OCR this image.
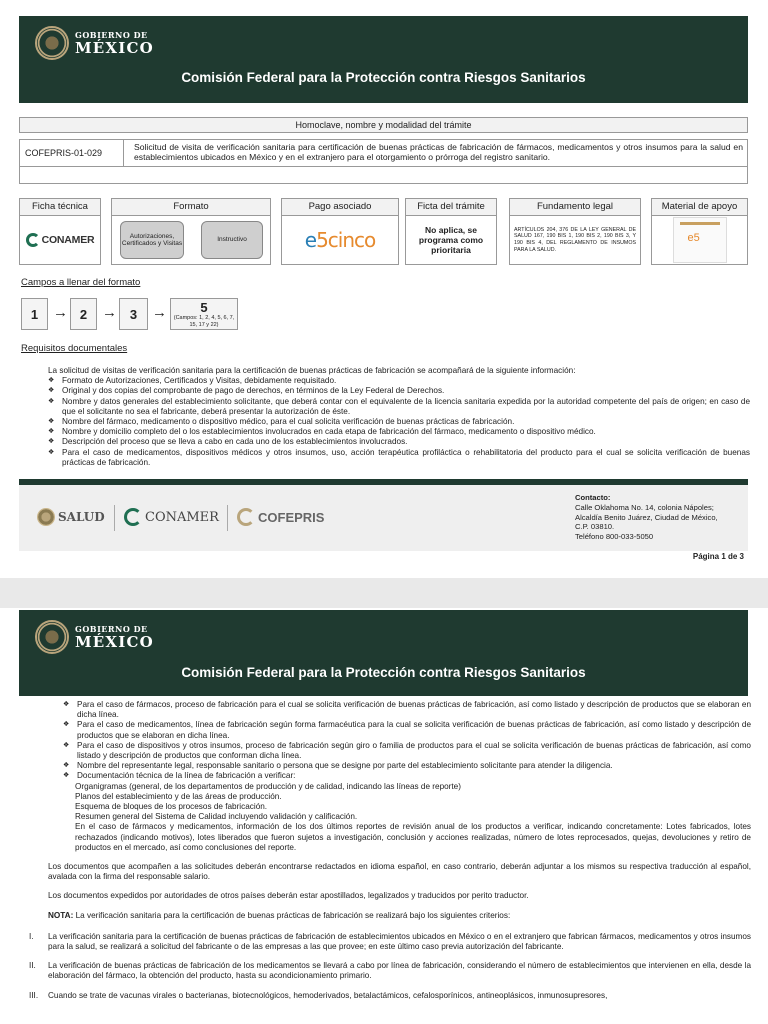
GOBIERNO DE
MÉXICO
Comisión Federal para la Protección contra Riesgos Sanitarios
Homoclave, nombre y modalidad del trámite
COFEPRIS-01-029
Solicitud de visita de verificación sanitaria para certificación de buenas prácticas de fabricación de fármacos, medicamentos y otros insumos para la salud en establecimientos ubicados en México y en el extranjero para el otorgamiento o prórroga del registro sanitario.
Ficha técnica
CONAMER
Formato
Autorizaciones, Certificados y Visitas
Instructivo
Pago asociado
e5cinco
Ficta del trámite
No aplica, se programa como prioritaria
Fundamento legal
ARTÍCULOS 204, 376 DE LA LEY GENERAL DE SALUD 167, 190 BIS 1, 190 BIS 2, 190 BIS 3, Y 190 BIS 4, DEL REGLAMENTO DE INSUMOS PARA LA SALUD.
Material de apoyo
e5
Campos a llenar del formato
1 → 2 → 3 →	5
(Campos: 1, 2, 4, 5, 6, 7, 15, 17 y 22)
Requisitos documentales
La solicitud de visitas de verificación sanitaria para la certificación de buenas prácticas de fabricación se acompañará de la siguiente información:
❖ Formato de Autorizaciones, Certificados y Visitas, debidamente requisitado.
❖ Original y dos copias del comprobante de pago de derechos, en términos de la Ley Federal de Derechos.
❖ Nombre y datos generales del establecimiento solicitante, que deberá contar con el equivalente de la licencia sanitaria expedida por la autoridad competente del país de origen; en caso de que el solicitante no sea el fabricante, deberá presentar la autorización de éste.
❖ Nombre del fármaco, medicamento o dispositivo médico, para el cual solicita verificación de buenas prácticas de fabricación.
❖ Nombre y domicilio completo del o los establecimientos involucrados en cada etapa de fabricación del fármaco, medicamento o dispositivo médico.
❖ Descripción del proceso que se lleva a cabo en cada uno de los establecimientos involucrados.
❖ Para el caso de medicamentos, dispositivos médicos y otros insumos, uso, acción terapéutica profiláctica o rehabilitatoria del producto para el cual se solicita verificación de buenas prácticas de fabricación.
SALUD	CONAMER	COFEPRIS
Contacto:
Calle Oklahoma No. 14, colonia Nápoles;
Alcaldía Benito Juárez, Ciudad de México,
C.P. 03810.
Teléfono 800-033-5050
Página 1 de 3
GOBIERNO DE
MÉXICO
Comisión Federal para la Protección contra Riesgos Sanitarios
❖ Para el caso de fármacos, proceso de fabricación para el cual se solicita verificación de buenas prácticas de fabricación, así como listado y descripción de productos que se elaboran en dicha línea.
❖ Para el caso de medicamentos, línea de fabricación según forma farmacéutica para la cual se solicita verificación de buenas prácticas de fabricación, así como listado y descripción de productos que se elaboran en dicha línea.
❖ Para el caso de dispositivos y otros insumos, proceso de fabricación según giro o familia de productos para el cual se solicita verificación de buenas prácticas de fabricación, así como listado y descripción de productos que conforman dicha línea.
❖ Nombre del representante legal, responsable sanitario o persona que se designe por parte del establecimiento solicitante para atender la diligencia.
❖ Documentación técnica de la línea de fabricación a verificar:
Organigramas (general, de los departamentos de producción y de calidad, indicando las líneas de reporte)
Planos del establecimiento y de las áreas de producción.
Esquema de bloques de los procesos de fabricación.
Resumen general del Sistema de Calidad incluyendo validación y calificación.
En el caso de fármacos y medicamentos, información de los dos últimos reportes de revisión anual de los productos a verificar, indicando concretamente: Lotes fabricados, lotes rechazados (indicando motivos), lotes liberados que fueron sujetos a investigación, conclusión y acciones realizadas, número de lotes reprocesados, quejas, devoluciones y retiro de productos en el mercado, así como conclusiones del reporte.
Los documentos que acompañen a las solicitudes deberán encontrarse redactados en idioma español, en caso contrario, deberán adjuntar a los mismos su respectiva traducción al español, avalada con la firma del responsable salario.
Los documentos expedidos por autoridades de otros países deberán estar apostillados, legalizados y traducidos por perito traductor.
NOTA: La verificación sanitaria para la certificación de buenas prácticas de fabricación se realizará bajo los siguientes criterios:
I. La verificación sanitaria para la certificación de buenas prácticas de fabricación de establecimientos ubicados en México o en el extranjero que fabrican fármacos, medicamentos y otros insumos para la salud, se realizará a solicitud del fabricante o de las empresas a las que provee; en este último caso previa autorización del fabricante.
II. La verificación de buenas prácticas de fabricación de los medicamentos se llevará a cabo por línea de fabricación, considerando el número de establecimientos que intervienen en ella, desde la elaboración del fármaco, la obtención del producto, hasta su acondicionamiento primario.
III. Cuando se trate de vacunas virales o bacterianas, biotecnológicos, hemoderivados, betalactámicos, cefalosporínicos, antineoplásicos, inmunosupresores,
